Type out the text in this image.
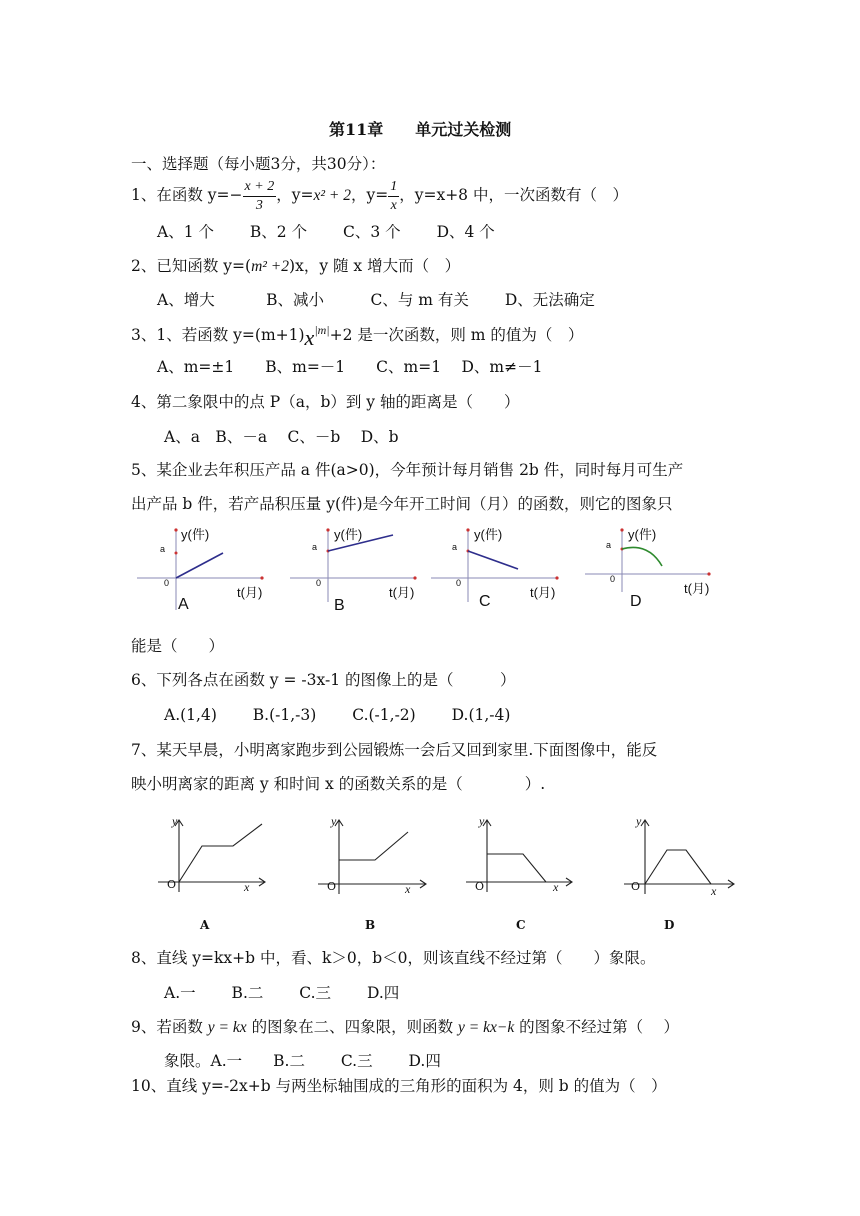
第11章　　单元过关检测
一、选择题（每小题3分，共30分）：
1、在函数 $y=- \frac{x + 2}{3}$ ，y=x² + 2，$y= \frac{1}{x}$ ，y=x+8 中，一次函数有（　）
A、1 个　　 B、2 个　　 C、3 个　　 D、4 个
2、已知函数 y=(m² +2)x，y 随 x 增大而（　）
A、增大　　　 B、减小　　　C、与 m 有关　　 D、无法确定
3、1、若函数 $y=(m+1)x^{|m|}+2$ 是一次函数，则 m 的值为（　）
A、m=±1　　B、m=－1　　C、m=1　 D、m≠－1
4、第二象限中的点 P（a，b）到 y 轴的距离是（　　）
A、a　B、－a　 C、－b　 D、b
5、某企业去年积压产品 a 件(a>0)，今年预计每月销售 2b 件，同时每月可生产
出产品 b 件，若产品积压量 y(件)是今年开工时间（月）的函数，则它的图象只
y(件)	y(件)	y(件)	y(件)
a	a	a	a
0	0	0	0
t(月)	t(月)	t(月)	t(月)
A	B	C	D
能是（　　）
6、下列各点在函数 y = -3x-1 的图像上的是（　　　）
A.(1,4)　　 B.(-1,-3)　　 C.(-1,-2)　　 D.(1,-4)
7、某天早晨，小明离家跑步到公园锻炼一会后又回到家里.下面图像中，能反
映小明离家的距离 y 和时间 x 的函数关系的是（　　　　）.
y	y	y	y
O	O	O	O
x	x	x	x
A	B	C	D
8、直线 y=kx+b 中，看、k＞0，b＜0，则该直线不经过第（　　）象限。
A.一　　 B.二　　 C.三　　 D.四
9、若函数 y = kx 的图象在二、四象限，则函数 y = kx−k 的图象不经过第（　 ）
象限。A.一　　B.二　　 C.三　　 D.四
10、直线 y=-2x+b 与两坐标轴围成的三角形的面积为 4，则 b 的值为（　）
